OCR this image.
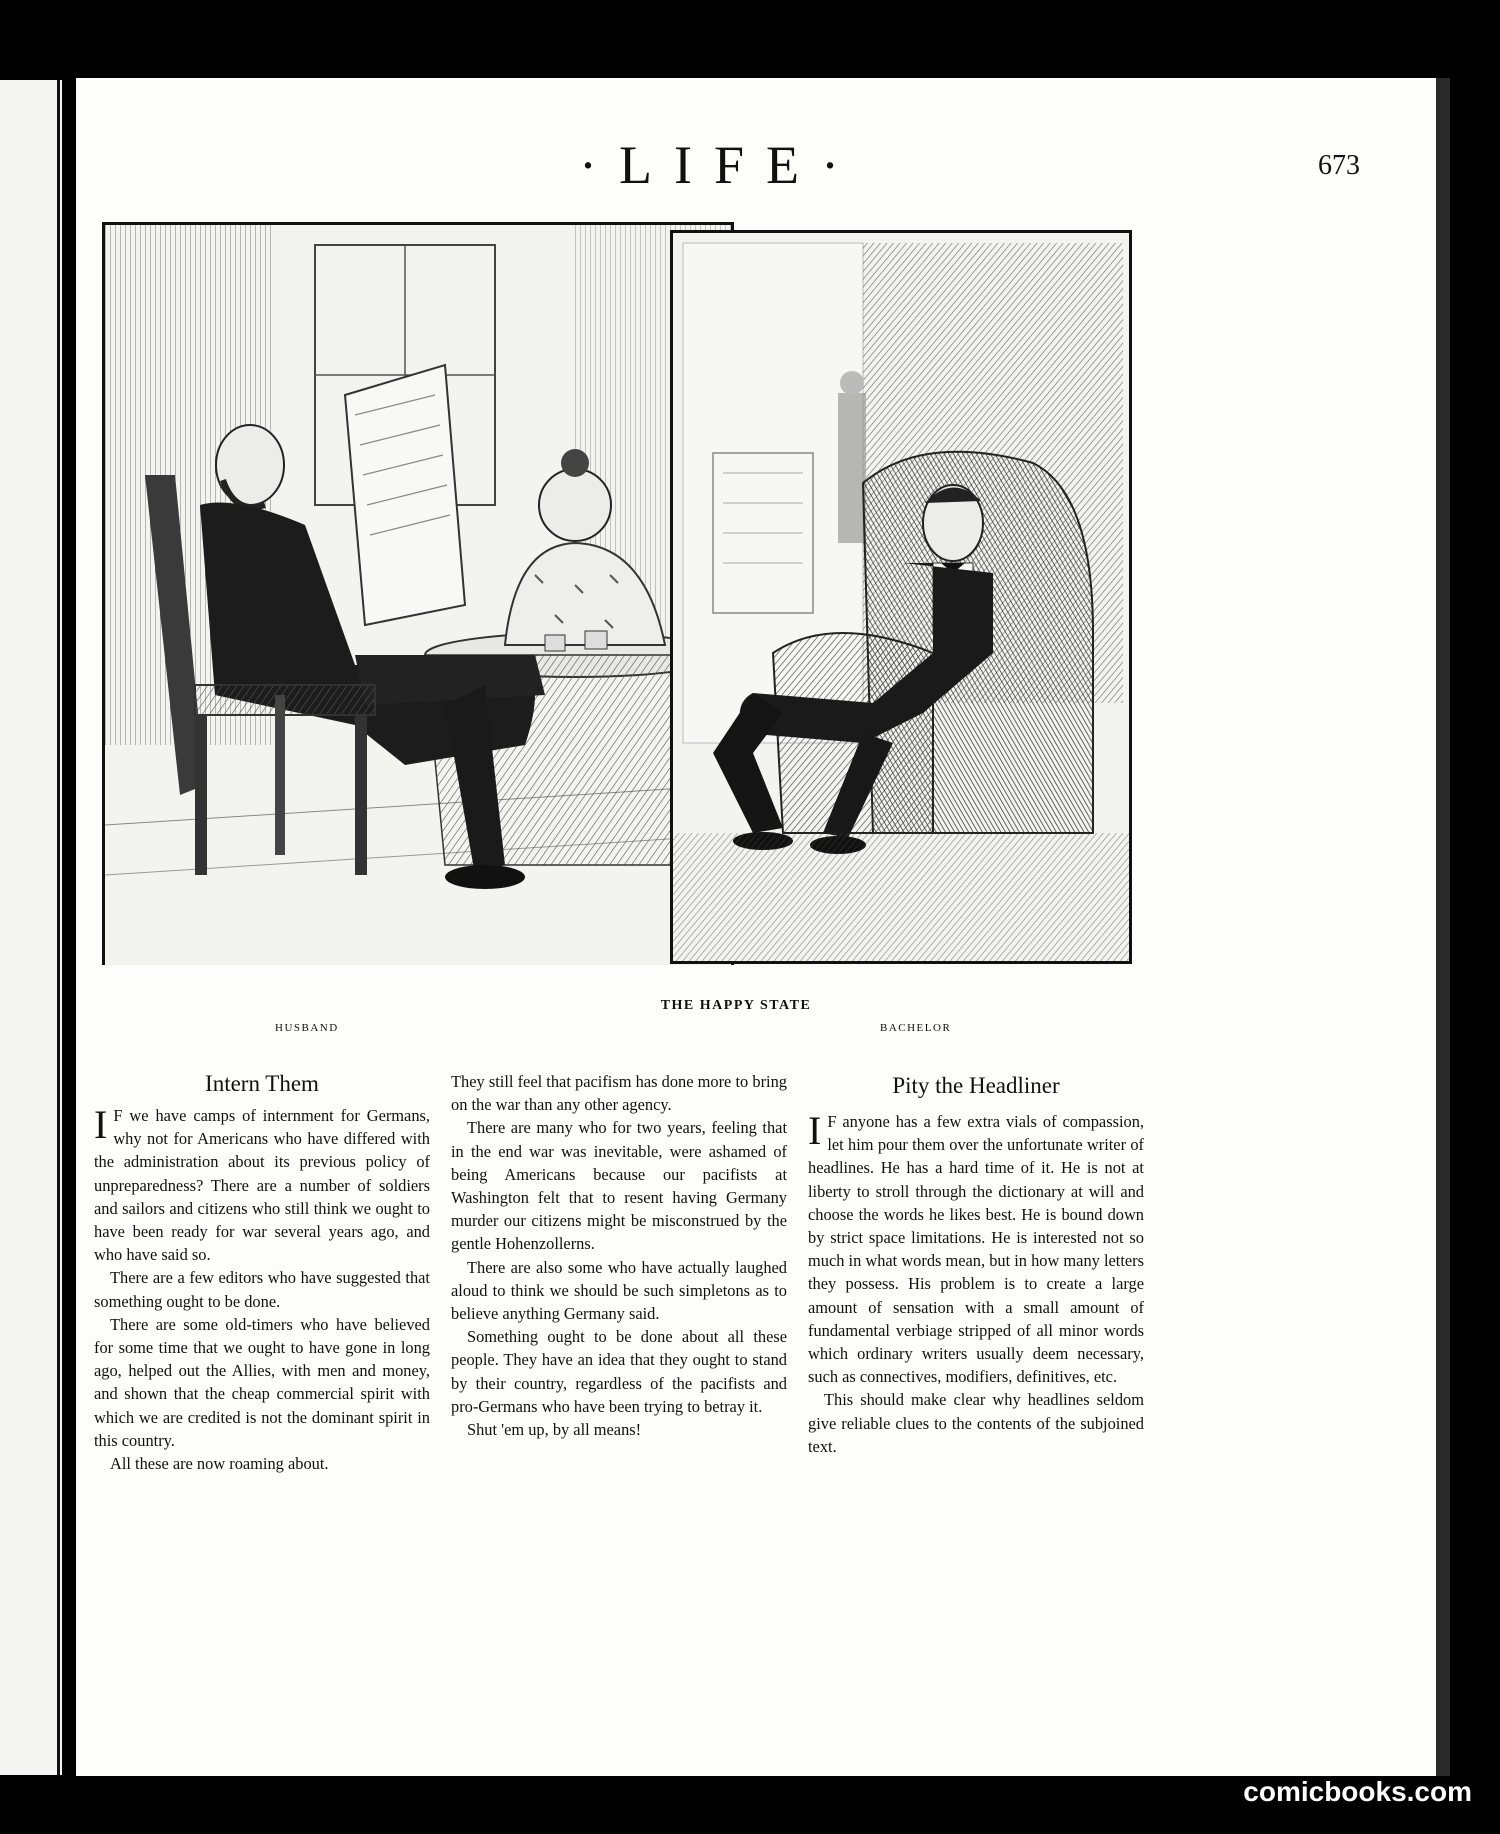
·LIFE·	673
THE HAPPY STATE
HUSBAND	BACHELOR
Intern Them

I F we have camps of internment for Germans, why not for Americans who have differed with the administration about its previous policy of unpreparedness? There are a number of soldiers and sailors and citizens who still think we ought to have been ready for war several years ago, and who have said so.

There are a few editors who have suggested that something ought to be done.

There are some old-timers who have believed for some time that we ought to have gone in long ago, helped out the Allies, with men and money, and shown that the cheap commercial spirit with which we are credited is not the dominant spirit in this country.

All these are now roaming about.

They still feel that pacifism has done more to bring on the war than any other agency.

There are many who for two years, feeling that in the end war was inevitable, were ashamed of being Americans because our pacifists at Washington felt that to resent having Germany murder our citizens might be misconstrued by the gentle Hohenzollerns.

There are also some who have actually laughed aloud to think we should be such simpletons as to believe anything Germany said.

Something ought to be done about all these people. They have an idea that they ought to stand by their country, regardless of the pacifists and pro-Germans who have been trying to betray it.

Shut 'em up, by all means!

Pity the Headliner

I F anyone has a few extra vials of compassion, let him pour them over the unfortunate writer of headlines. He has a hard time of it. He is not at liberty to stroll through the dictionary at will and choose the words he likes best. He is bound down by strict space limitations. He is interested not so much in what words mean, but in how many letters they possess. His problem is to create a large amount of sensation with a small amount of fundamental verbiage stripped of all minor words which ordinary writers usually deem necessary, such as connectives, modifiers, definitives, etc.

This should make clear why headlines seldom give reliable clues to the contents of the subjoined text.

comicbooks.com
